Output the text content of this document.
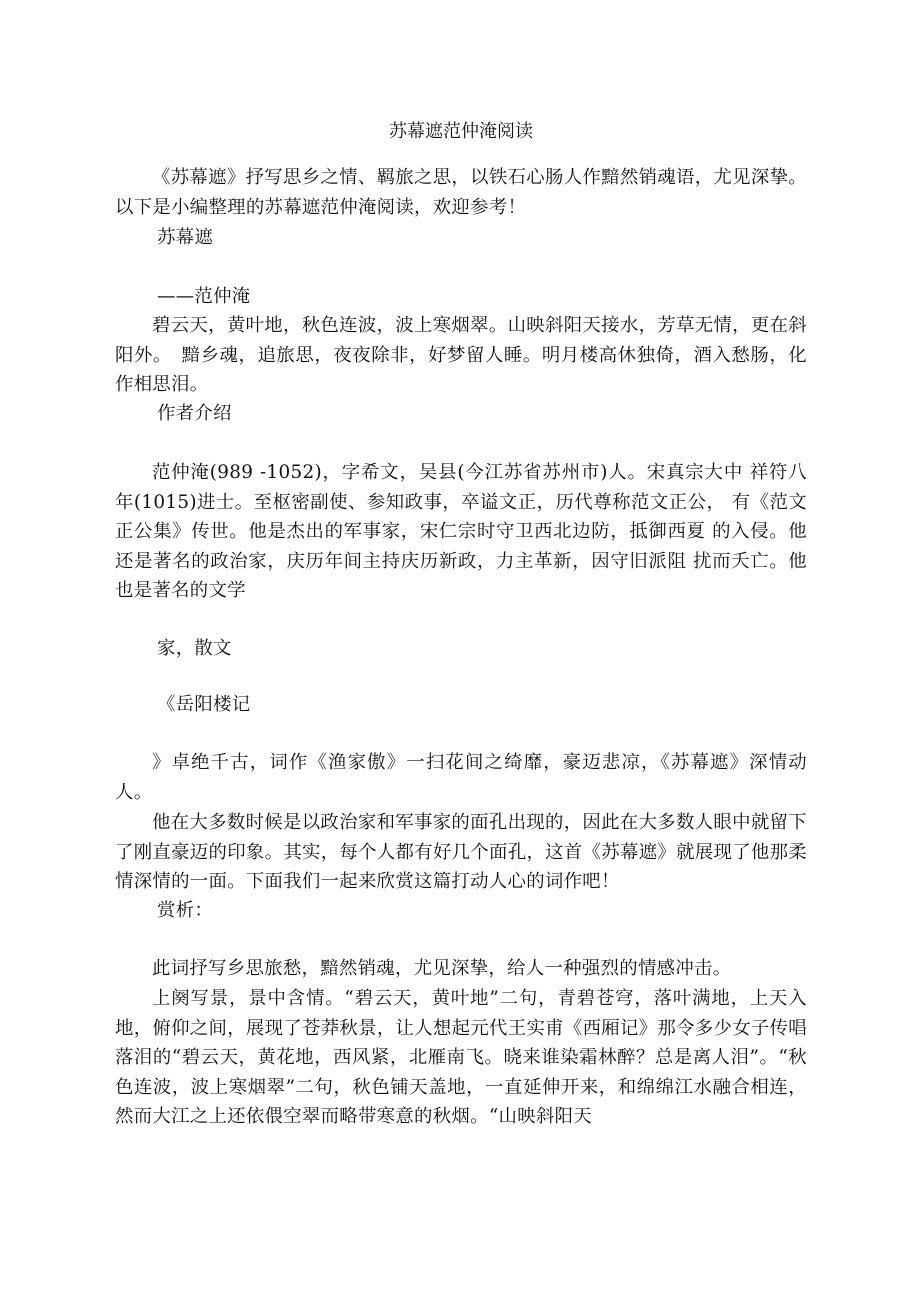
苏幕遮范仲淹阅读

《苏幕遮》抒写思乡之情、羁旅之思，以铁石心肠人作黯然销魂语，尤见深挚。以下是小编整理的苏幕遮范仲淹阅读，欢迎参考！

苏幕遮

——范仲淹

碧云天，黄叶地，秋色连波，波上寒烟翠。山映斜阳天接水，芳草无情，更在斜阳外。　黯乡魂，追旅思，夜夜除非，好梦留人睡。明月楼高休独倚，酒入愁肠，化作相思泪。

作者介绍

范仲淹(989 -1052)，字希文，吴县(今江苏省苏州市)人。宋真宗大中 祥符八年(1015)进士。至枢密副使、参知政事，卒谥文正，历代尊称范文正公， 有《范文正公集》传世。他是杰出的军事家，宋仁宗时守卫西北边防，抵御西夏 的入侵。他还是著名的政治家，庆历年间主持庆历新政，力主革新，因守旧派阻 扰而夭亡。他也是著名的文学

家，散文

《岳阳楼记

》卓绝千古，词作《渔家傲》一扫花间之绮靡，豪迈悲凉，《苏幕遮》深情动人。

他在大多数时候是以政治家和军事家的面孔出现的，因此在大多数人眼中就留下了刚直豪迈的印象。其实，每个人都有好几个面孔，这首《苏幕遮》就展现了他那柔情深情的一面。下面我们一起来欣赏这篇打动人心的词作吧！

赏析：

此词抒写乡思旅愁，黯然销魂，尤见深挚，给人一种强烈的情感冲击。

上阕写景，景中含情。“碧云天，黄叶地”二句，青碧苍穹，落叶满地，上天入地，俯仰之间，展现了苍莽秋景，让人想起元代王实甫《西厢记》那令多少女子传唱落泪的“碧云天，黄花地，西风紧，北雁南飞。晓来谁染霜林醉？总是离人泪”。“秋色连波，波上寒烟翠”二句，秋色铺天盖地，一直延伸开来，和绵绵江水融合相连，然而大江之上还依偎空翠而略带寒意的秋烟。“山映斜阳天
